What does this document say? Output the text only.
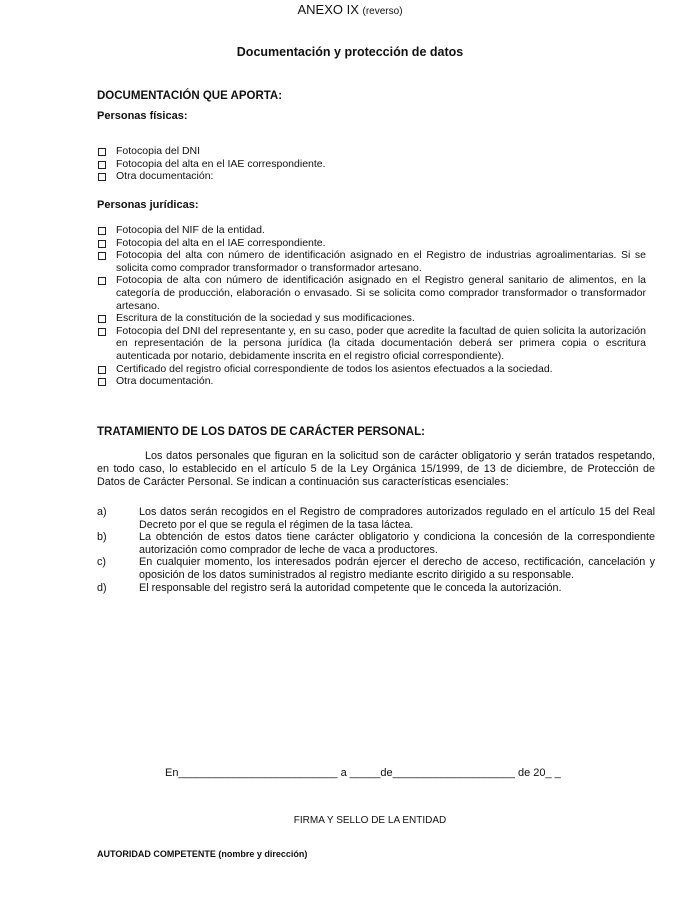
ANEXO IX (reverso)
Documentación y protección de datos
DOCUMENTACIÓN QUE APORTA:
Personas físicas:
Fotocopia del DNI
Fotocopia del alta en el IAE correspondiente.
Otra documentación:
Personas jurídicas:
Fotocopia del NIF de la entidad.
Fotocopia del alta en el IAE correspondiente.
Fotocopia del alta con número de identificación asignado en el Registro de industrias agroalimentarias. Si se solicita como comprador transformador o transformador artesano.
Fotocopia de alta con número de identificación asignado en el Registro general sanitario de alimentos, en la categoría de producción, elaboración o envasado. Si se solicita como comprador transformador o transformador artesano.
Escritura de la constitución de la sociedad y sus modificaciones.
Fotocopia del DNI del representante y, en su caso, poder que acredite la facultad de quien solicita la autorización en representación de la persona jurídica (la citada documentación deberá ser primera copia o escritura autenticada por notario, debidamente inscrita en el registro oficial correspondiente).
Certificado del registro oficial correspondiente de todos los asientos efectuados a la sociedad.
Otra documentación.
TRATAMIENTO DE LOS DATOS DE CARÁCTER PERSONAL:

Los datos personales que figuran en la solicitud son de carácter obligatorio y serán tratados respetando, en todo caso, lo establecido en el artículo 5 de la Ley Orgánica 15/1999, de 13 de diciembre, de Protección de Datos de Carácter Personal. Se indican a continuación sus características esenciales:

a)	Los datos serán recogidos en el Registro de compradores autorizados regulado en el artículo 15 del Real Decreto por el que se regula el régimen de la tasa láctea.
b)	La obtención de estos datos tiene carácter obligatorio y condiciona la concesión de la correspondiente autorización como comprador de leche de vaca a productores.
c)	En cualquier momento, los interesados podrán ejercer el derecho de acceso, rectificación, cancelación y oposición de los datos suministrados al registro mediante escrito dirigido a su responsable.
d)	El responsable del registro será la autoridad competente que le conceda la autorización.
En__________________________ a _____de____________________ de 20_ _
FIRMA Y SELLO DE LA ENTIDAD
AUTORIDAD COMPETENTE (nombre y dirección)
